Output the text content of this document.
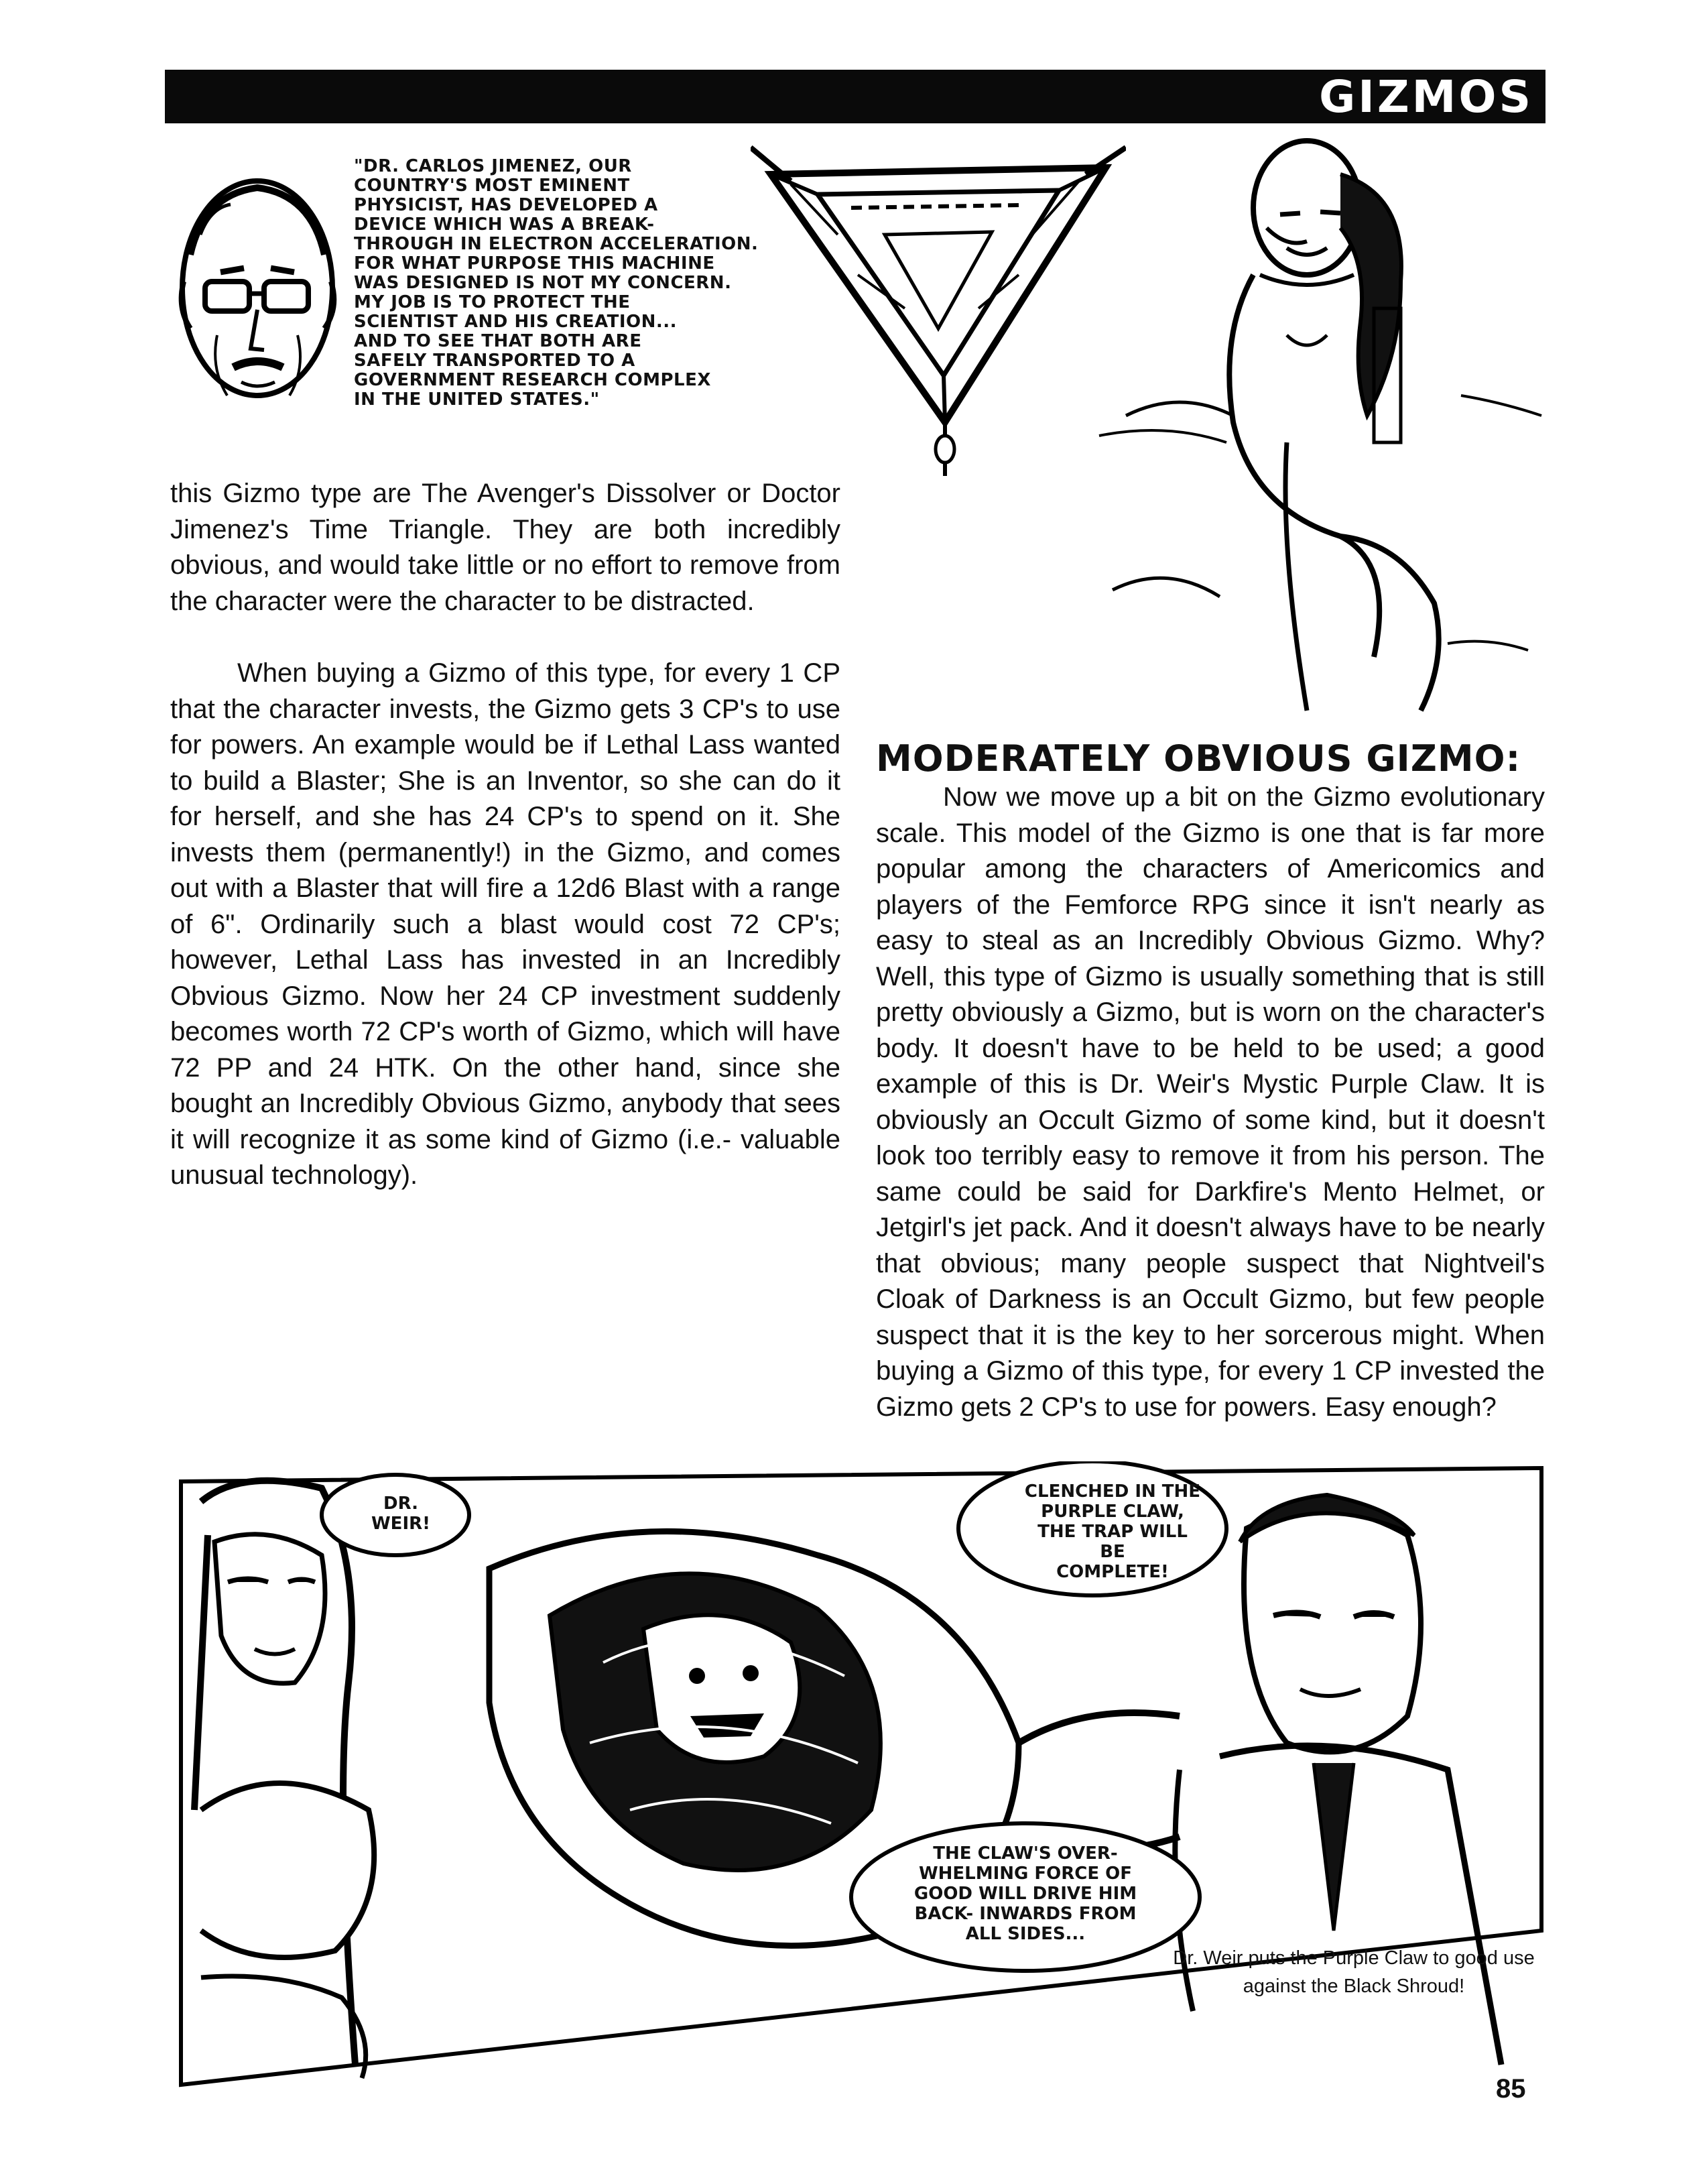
GIZMOS
"DR. CARLOS JIMENEZ, OUR
COUNTRY'S MOST EMINENT
PHYSICIST, HAS DEVELOPED A
DEVICE WHICH WAS A BREAK-
THROUGH IN ELECTRON ACCELERATION.
FOR WHAT PURPOSE THIS MACHINE
WAS DESIGNED IS NOT MY CONCERN.
MY JOB IS TO PROTECT THE
SCIENTIST AND HIS CREATION...
AND TO SEE THAT BOTH ARE
SAFELY TRANSPORTED TO A
GOVERNMENT RESEARCH COMPLEX
IN THE UNITED STATES."

this Gizmo type are The Avenger's Dissolver or Doctor Jimenez's Time Triangle. They are both incredibly obvious, and would take little or no effort to remove from the character were the character to be distracted.

When buying a Gizmo of this type, for every 1 CP that the character invests, the Gizmo gets 3 CP's to use for powers. An example would be if Lethal Lass wanted to build a Blaster; She is an Inventor, so she can do it for herself, and she has 24 CP's to spend on it. She invests them (permanently!) in the Gizmo, and comes out with a Blaster that will fire a 12d6 Blast with a range of 6". Ordinarily such a blast would cost 72 CP's; however, Lethal Lass has invested in an Incredibly Obvious Gizmo. Now her 24 CP investment suddenly becomes worth 72 CP's worth of Gizmo, which will have 72 PP and 24 HTK. On the other hand, since she bought an Incredibly Obvious Gizmo, anybody that sees it will recognize it as some kind of Gizmo (i.e.- valuable unusual technology).

MODERATELY OBVIOUS GIZMO:

Now we move up a bit on the Gizmo evolutionary scale. This model of the Gizmo is one that is far more popular among the characters of Americomics and players of the Femforce RPG since it isn't nearly as easy to steal as an Incredibly Obvious Gizmo. Why? Well, this type of Gizmo is usually something that is still pretty obviously a Gizmo, but is worn on the character's body. It doesn't have to be held to be used; a good example of this is Dr. Weir's Mystic Purple Claw. It is obviously an Occult Gizmo of some kind, but it doesn't look too terribly easy to remove it from his person. The same could be said for Darkfire's Mento Helmet, or Jetgirl's jet pack. And it doesn't always have to be nearly that obvious; many people suspect that Nightveil's Cloak of Darkness is an Occult Gizmo, but few people suspect that it is the key to her sorcerous might. When buying a Gizmo of this type, for every 1 CP invested the Gizmo gets 2 CP's to use for powers. Easy enough?

DR.
WEIR!
CLENCHED IN THE
PURPLE CLAW,
THE TRAP WILL
BE
COMPLETE!
THE CLAW'S OVER-
WHELMING FORCE OF
GOOD WILL DRIVE HIM
BACK- INWARDS FROM
ALL SIDES...
Dr. Weir puts the Purple Claw to good use against the Black Shroud!
85
